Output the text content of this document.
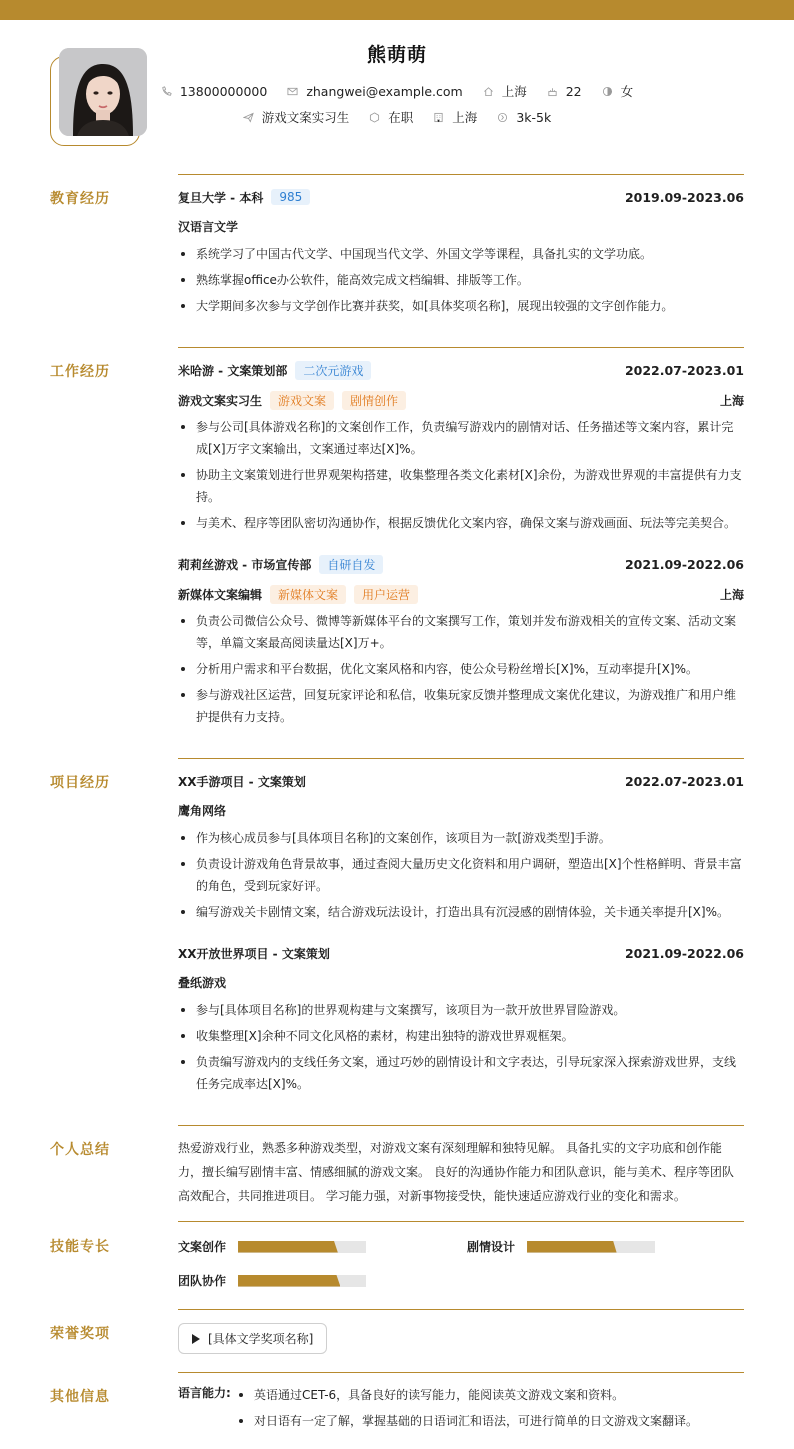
熊萌萌
13800000000	zhangwei@example.com	上海	22	女
游戏文案实习生	在职	上海	3k-5k
教育经历	复旦大学 - 本科	985	2019.09-2023.06
汉语言文学
系统学习了中国古代文学、中国现当代文学、外国文学等课程，具备扎实的文学功底。
熟练掌握office办公软件，能高效完成文档编辑、排版等工作。
大学期间多次参与文学创作比赛并获奖，如[具体奖项名称]，展现出较强的文字创作能力。
工作经历	米哈游 - 文案策划部	二次元游戏	2022.07-2023.01
游戏文案实习生	游戏文案	剧情创作	上海
参与公司[具体游戏名称]的文案创作工作，负责编写游戏内的剧情对话、任务描述等文案内容，累计完成[X]万字文案输出，文案通过率达[X]%。
协助主文案策划进行世界观架构搭建，收集整理各类文化素材[X]余份，为游戏世界观的丰富提供有力支持。
与美术、程序等团队密切沟通协作，根据反馈优化文案内容，确保文案与游戏画面、玩法等完美契合。
莉莉丝游戏 - 市场宣传部	自研自发	2021.09-2022.06
新媒体文案编辑	新媒体文案	用户运营	上海
负责公司微信公众号、微博等新媒体平台的文案撰写工作，策划并发布游戏相关的宣传文案、活动文案等，单篇文案最高阅读量达[X]万+。
分析用户需求和平台数据，优化文案风格和内容，使公众号粉丝增长[X]%，互动率提升[X]%。
参与游戏社区运营，回复玩家评论和私信，收集玩家反馈并整理成文案优化建议，为游戏推广和用户维护提供有力支持。
项目经历	XX手游项目 - 文案策划	2022.07-2023.01
鹰角网络
作为核心成员参与[具体项目名称]的文案创作，该项目为一款[游戏类型]手游。
负责设计游戏角色背景故事，通过查阅大量历史文化资料和用户调研，塑造出[X]个性格鲜明、背景丰富的角色，受到玩家好评。
编写游戏关卡剧情文案，结合游戏玩法设计，打造出具有沉浸感的剧情体验，关卡通关率提升[X]%。
XX开放世界项目 - 文案策划	2021.09-2022.06
叠纸游戏
参与[具体项目名称]的世界观构建与文案撰写，该项目为一款开放世界冒险游戏。
收集整理[X]余种不同文化风格的素材，构建出独特的游戏世界观框架。
负责编写游戏内的支线任务文案，通过巧妙的剧情设计和文字表达，引导玩家深入探索游戏世界，支线任务完成率达[X]%。
个人总结	热爱游戏行业，熟悉多种游戏类型，对游戏文案有深刻理解和独特见解。 具备扎实的文字功底和创作能力，擅长编写剧情丰富、情感细腻的游戏文案。 良好的沟通协作能力和团队意识，能与美术、程序等团队高效配合，共同推进项目。 学习能力强，对新事物接受快，能快速适应游戏行业的变化和需求。
技能专长	文案创作	剧情设计
团队协作
荣誉奖项	[具体文学奖项名称]
其他信息	语言能力:	英语通过CET-6，具备良好的读写能力，能阅读英文游戏文案和资料。
对日语有一定了解，掌握基础的日语词汇和语法，可进行简单的日文游戏文案翻译。
